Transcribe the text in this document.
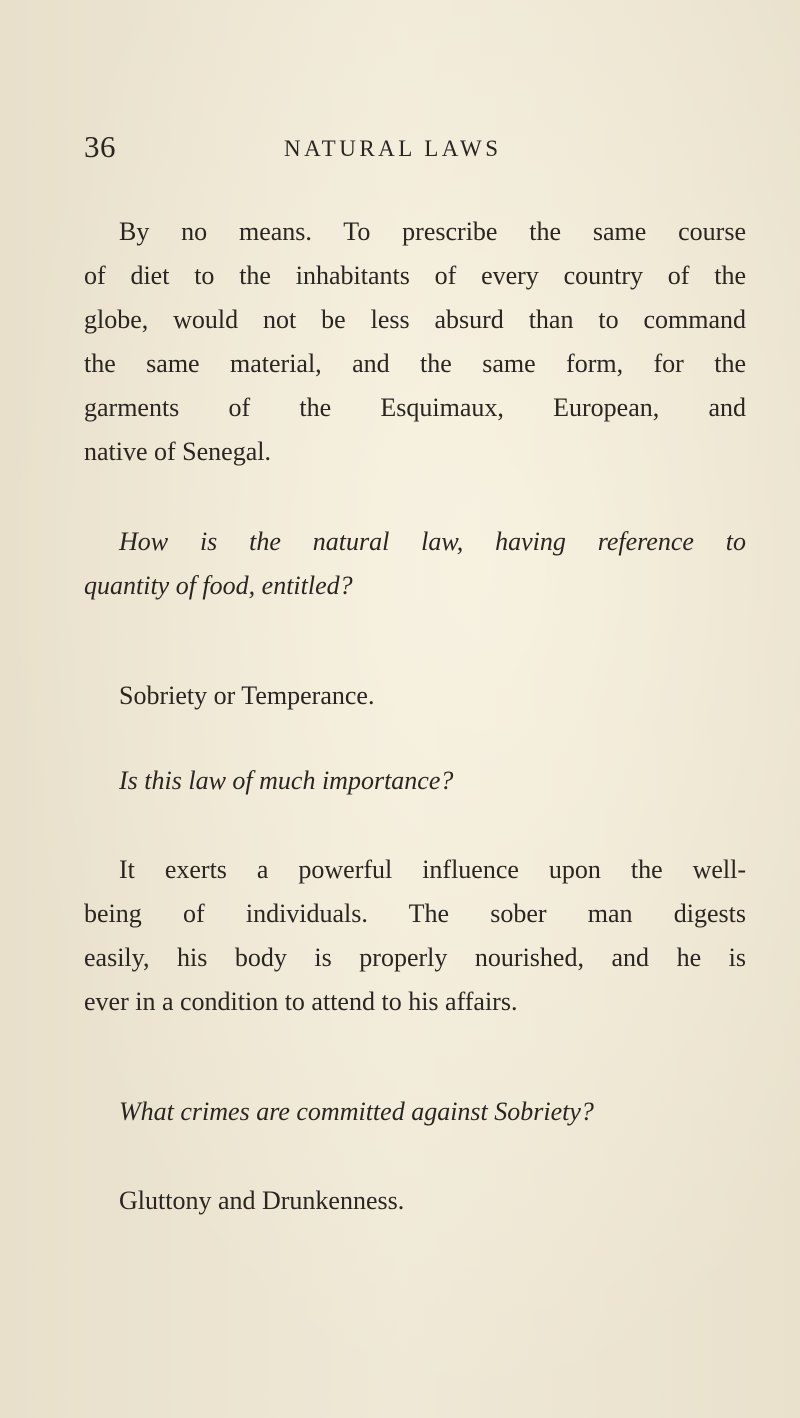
36	NATURAL LAWS
By no means. To prescribe the same course
of diet to the inhabitants of every country of the
globe, would not be less absurd than to command
the same material, and the same form, for the
garments of the Esquimaux, European, and
native of Senegal.
How is the natural law, having reference to
quantity of food, entitled?
Sobriety or Temperance.
Is this law of much importance?
It exerts a powerful influence upon the well-
being of individuals. The sober man digests
easily, his body is properly nourished, and he is
ever in a condition to attend to his affairs.
What crimes are committed against Sobriety?
Gluttony and Drunkenness.
